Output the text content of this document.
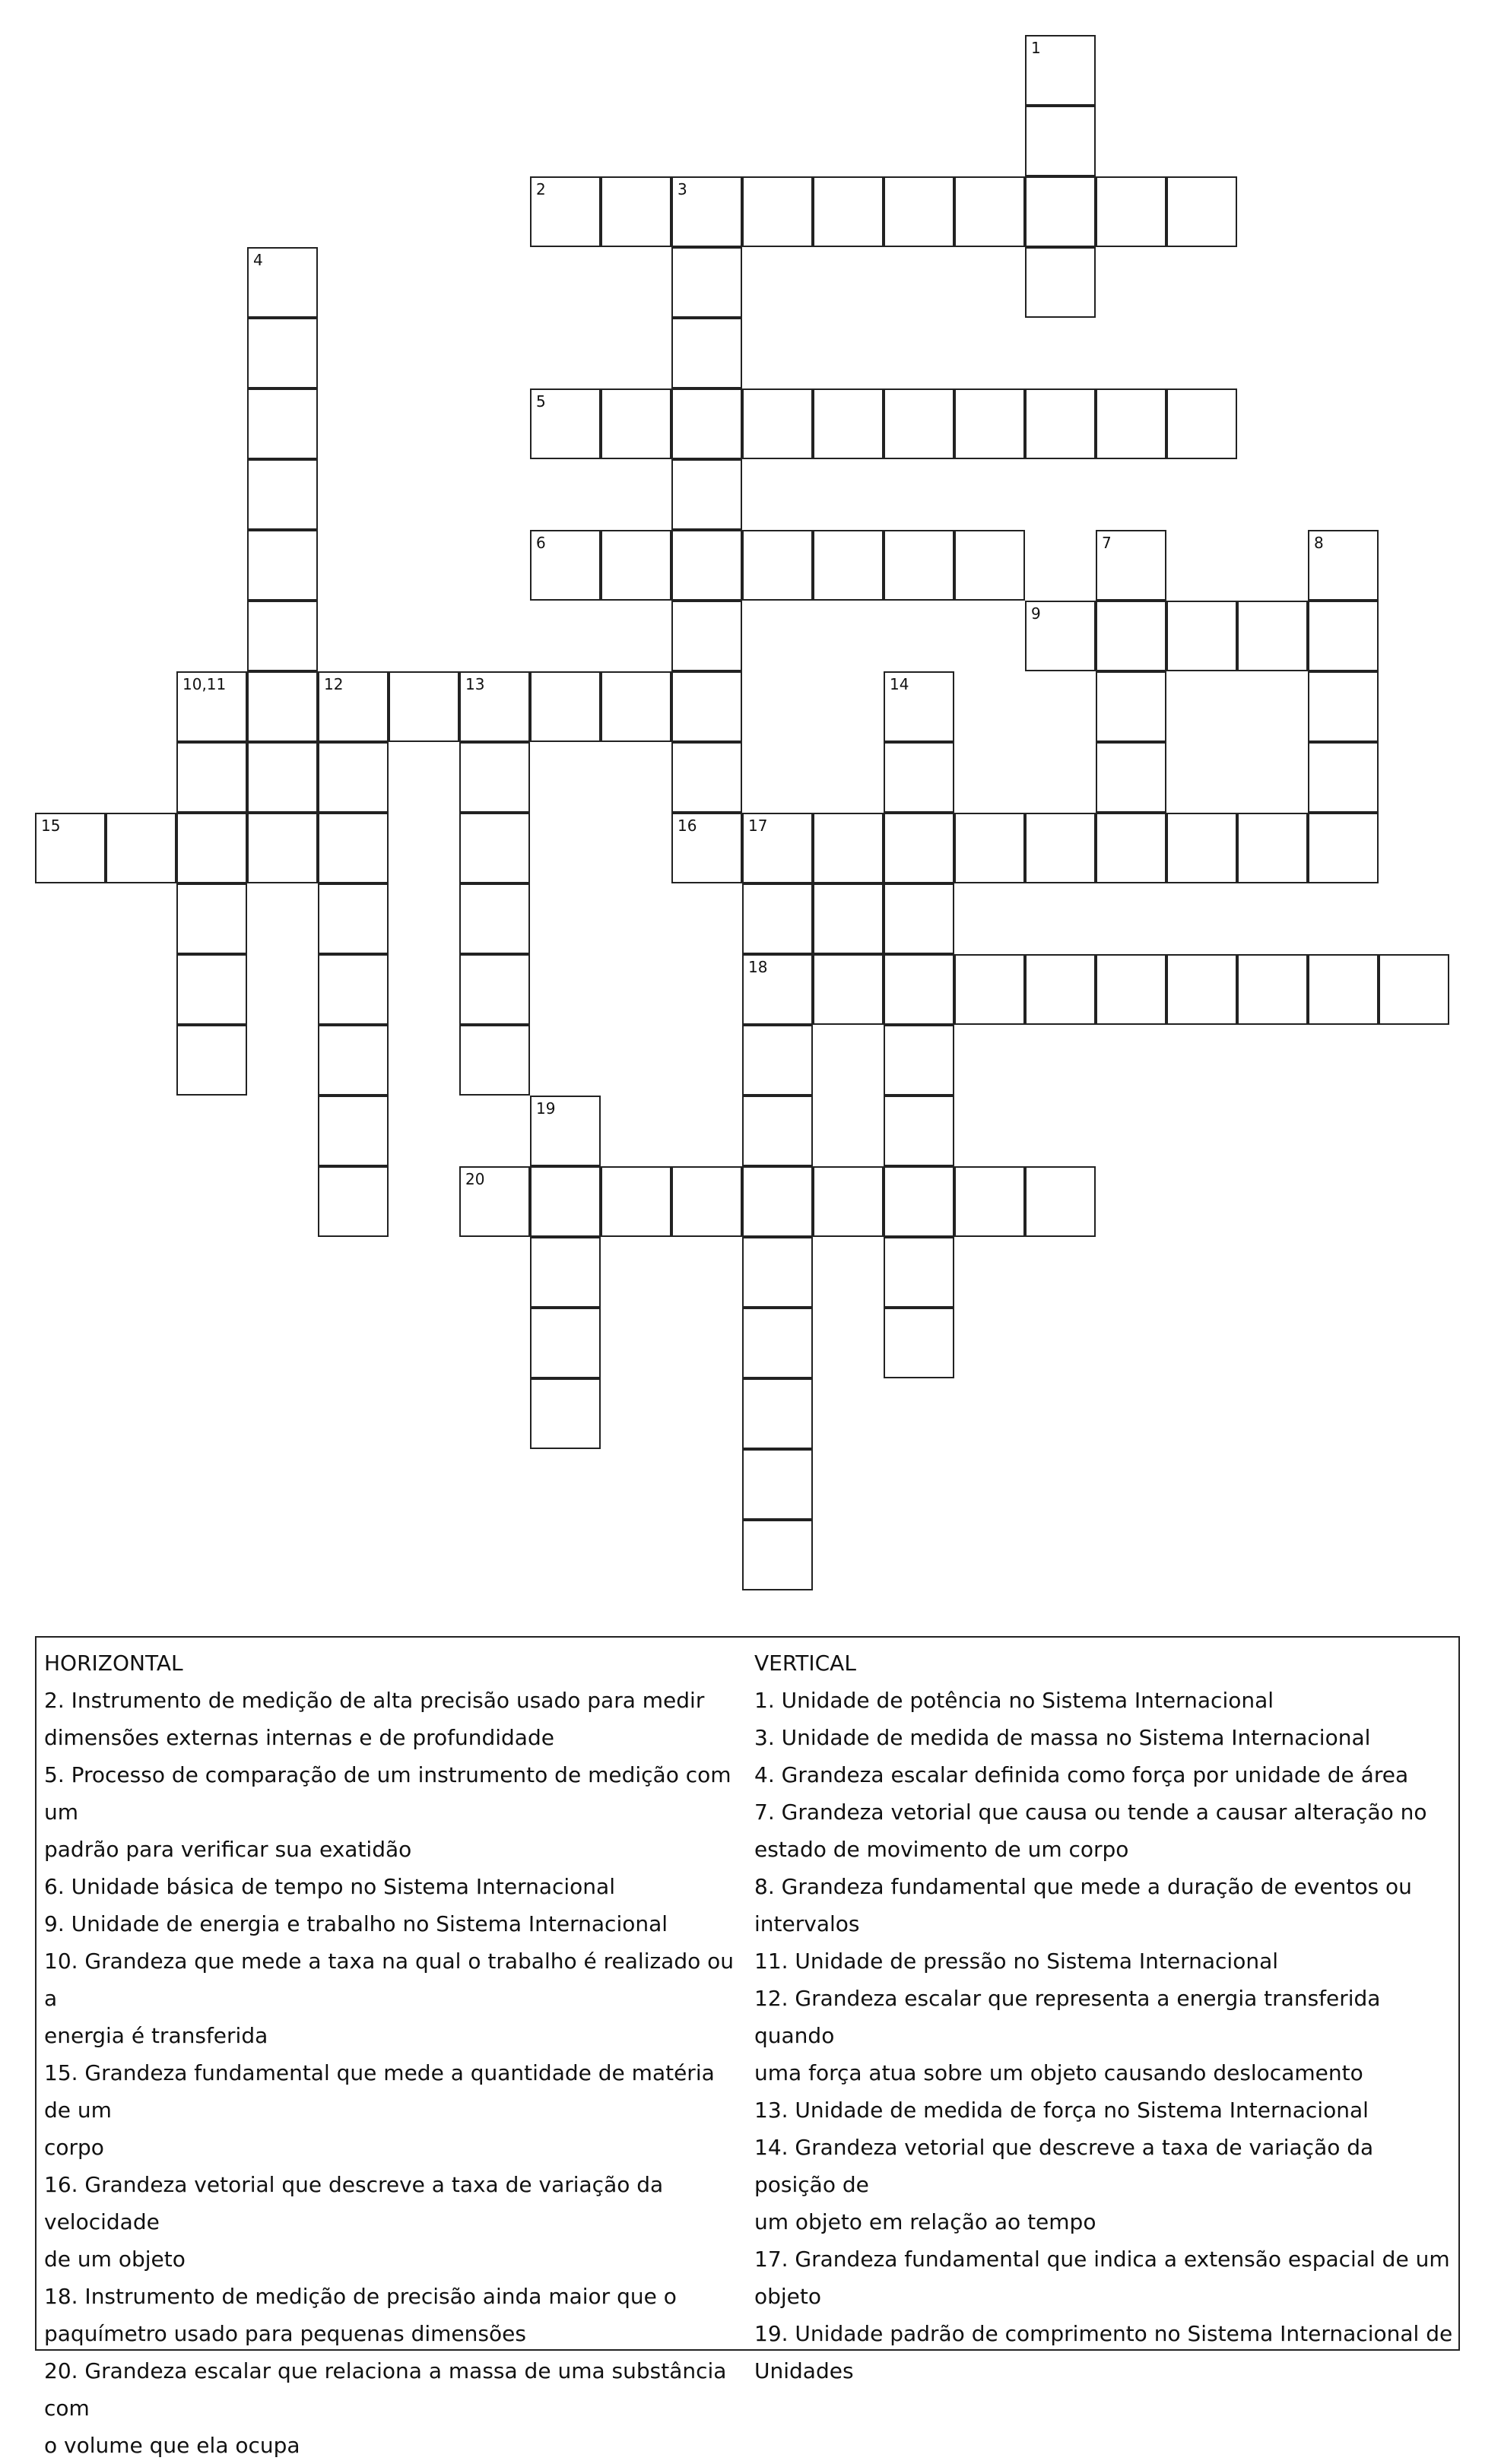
1
2	3
4
5
6	7	8
9
10,11	12	13	14
15	16	17
18
19
20
HORIZONTAL
2. Instrumento de medição de alta precisão usado para medir
dimensões externas internas e de profundidade
5. Processo de comparação de um instrumento de medição com um
padrão para verificar sua exatidão
6. Unidade básica de tempo no Sistema Internacional
9. Unidade de energia e trabalho no Sistema Internacional
10. Grandeza que mede a taxa na qual o trabalho é realizado ou a
energia é transferida
15. Grandeza fundamental que mede a quantidade de matéria de um
corpo
16. Grandeza vetorial que descreve a taxa de variação da velocidade
de um objeto
18. Instrumento de medição de precisão ainda maior que o
paquímetro usado para pequenas dimensões
20. Grandeza escalar que relaciona a massa de uma substância com
o volume que ela ocupa
VERTICAL
1. Unidade de potência no Sistema Internacional
3. Unidade de medida de massa no Sistema Internacional
4. Grandeza escalar definida como força por unidade de área
7. Grandeza vetorial que causa ou tende a causar alteração no
estado de movimento de um corpo
8. Grandeza fundamental que mede a duração de eventos ou
intervalos
11. Unidade de pressão no Sistema Internacional
12. Grandeza escalar que representa a energia transferida quando
uma força atua sobre um objeto causando deslocamento
13. Unidade de medida de força no Sistema Internacional
14. Grandeza vetorial que descreve a taxa de variação da posição de
um objeto em relação ao tempo
17. Grandeza fundamental que indica a extensão espacial de um
objeto
19. Unidade padrão de comprimento no Sistema Internacional de
Unidades
